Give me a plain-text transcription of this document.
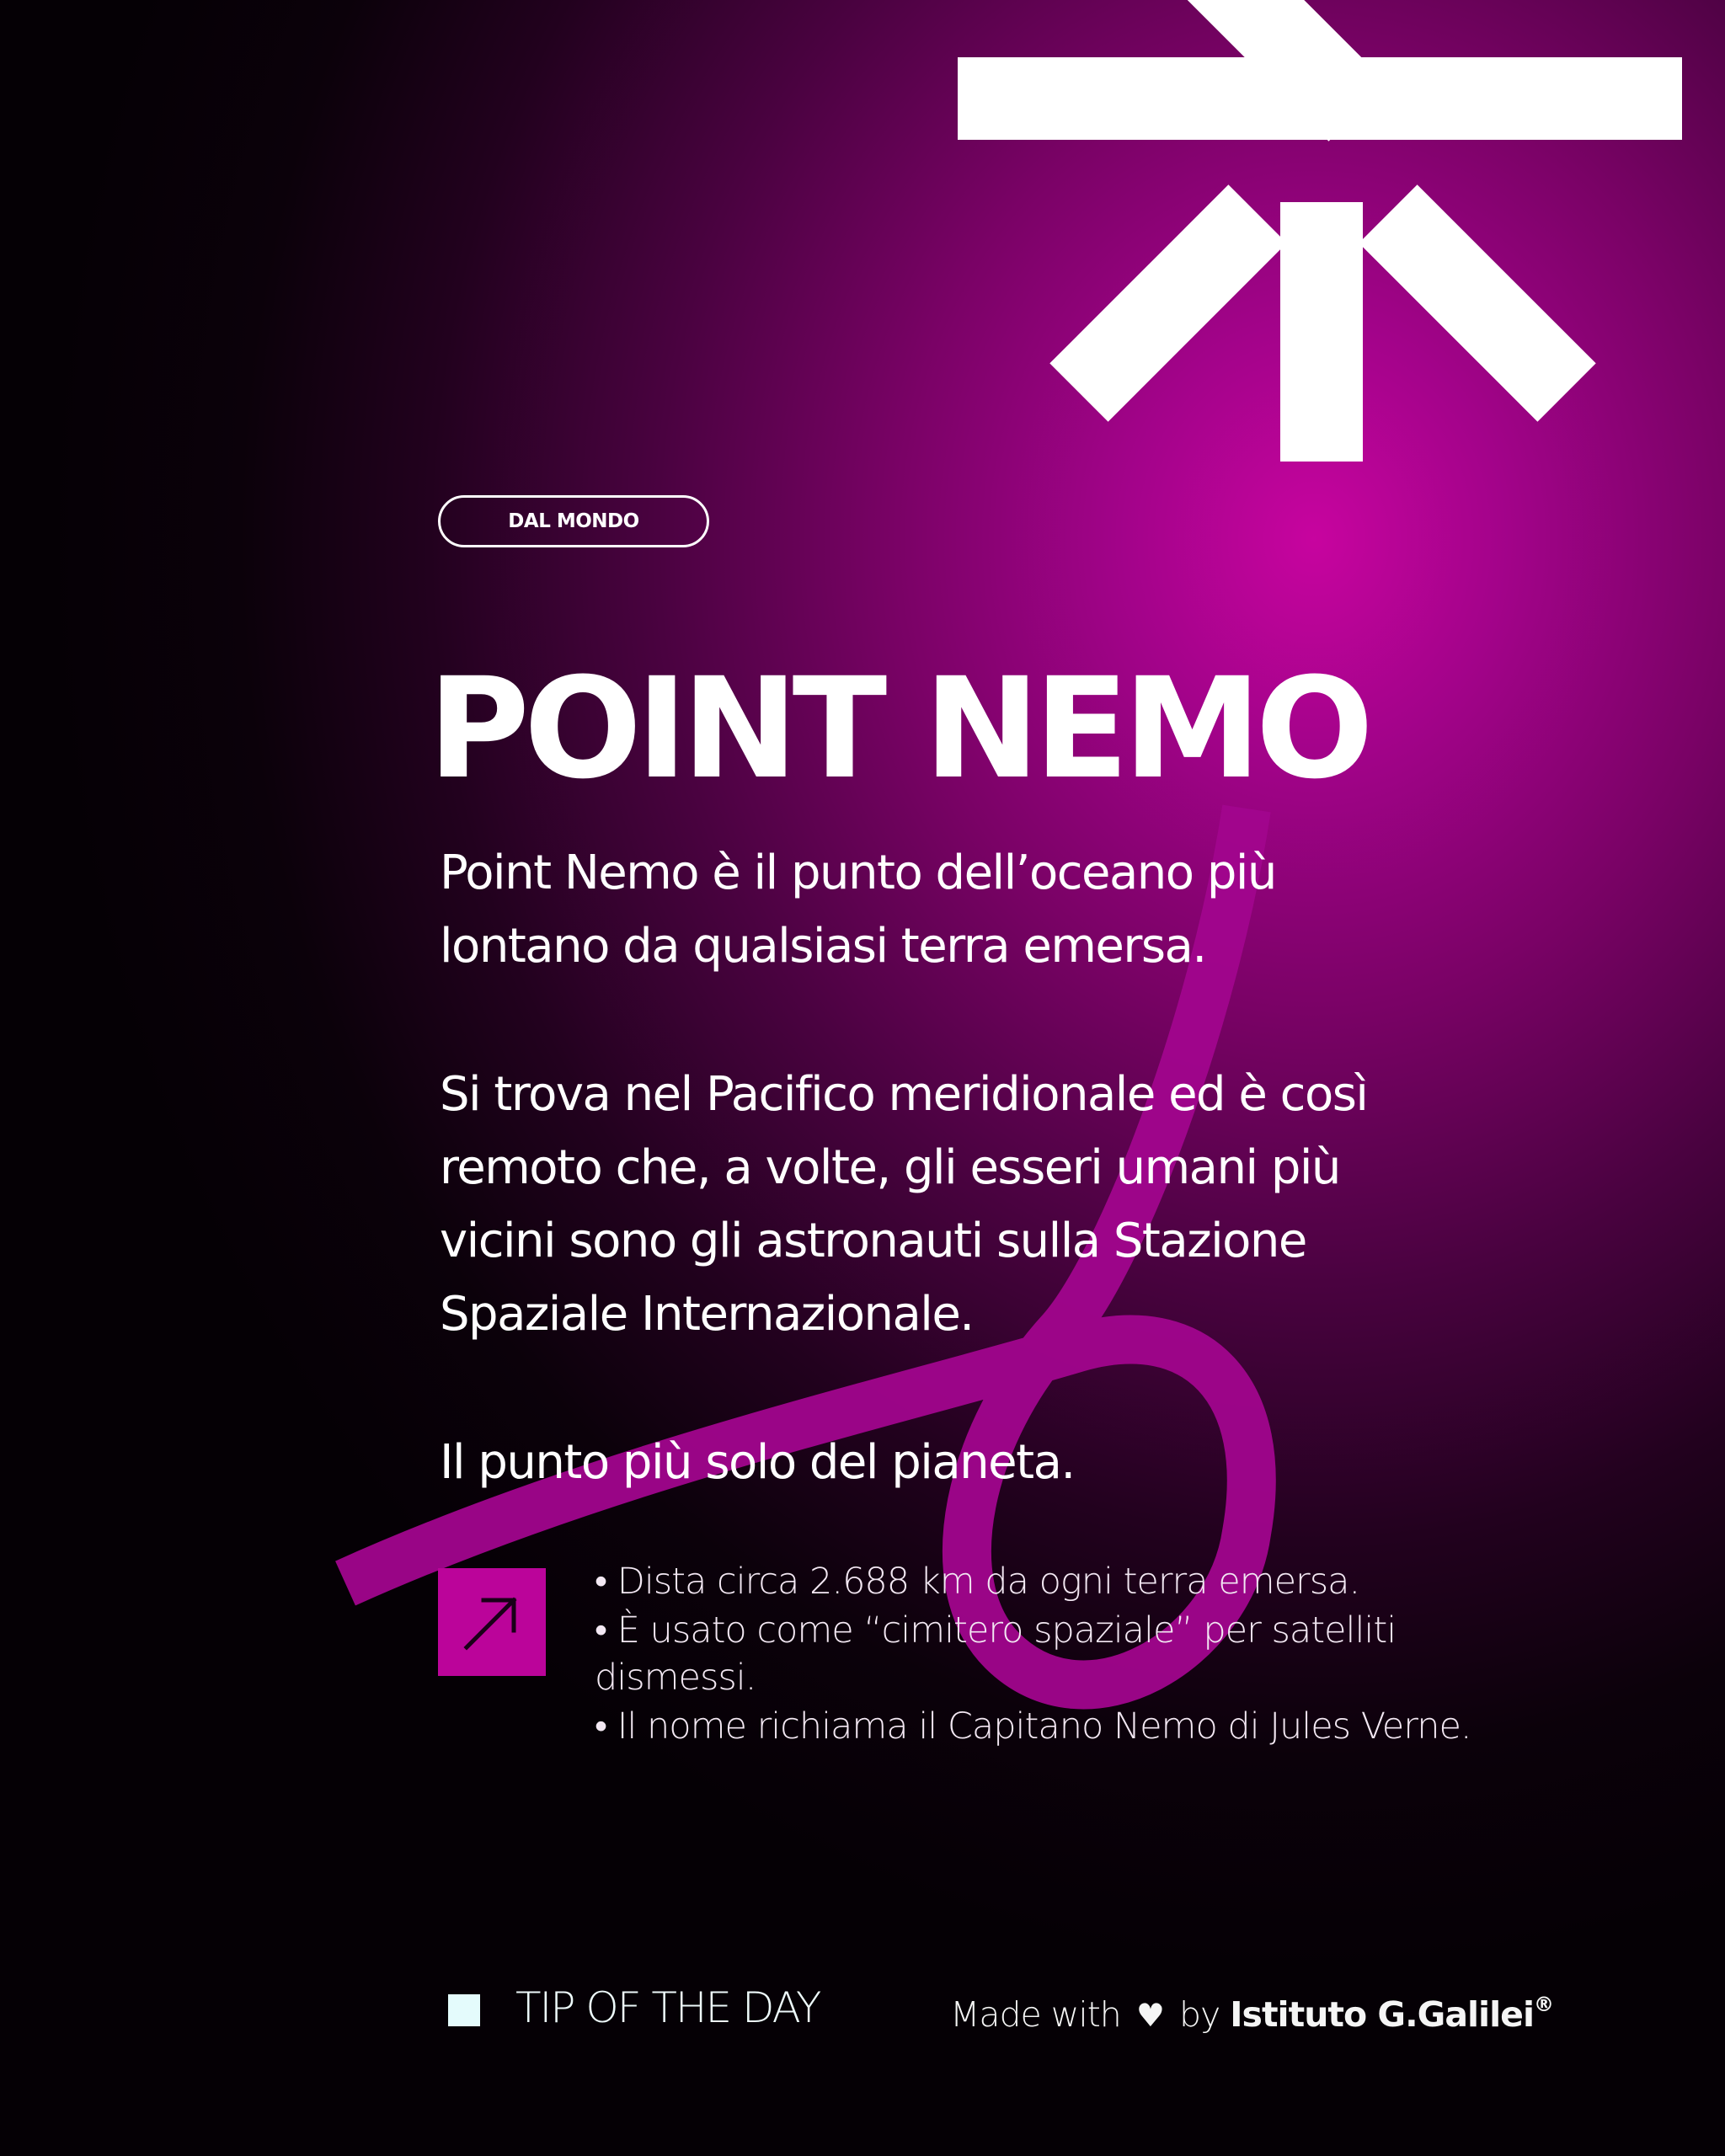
DAL MONDO
POINT NEMO
Point Nemo è il punto dell’oceano più
lontano da qualsiasi terra emersa.
Si trova nel Pacifico meridionale ed è così
remoto che, a volte, gli esseri umani più
vicini sono gli astronauti sulla Stazione
Spaziale Internazionale.
Il punto più solo del pianeta.
• Dista circa 2.688 km da ogni terra emersa.
• È usato come “cimitero spaziale” per satelliti dismessi.
• Il nome richiama il Capitano Nemo di Jules Verne.
TIP OF THE DAY	Made with ♥ by Istituto G.Galilei®
